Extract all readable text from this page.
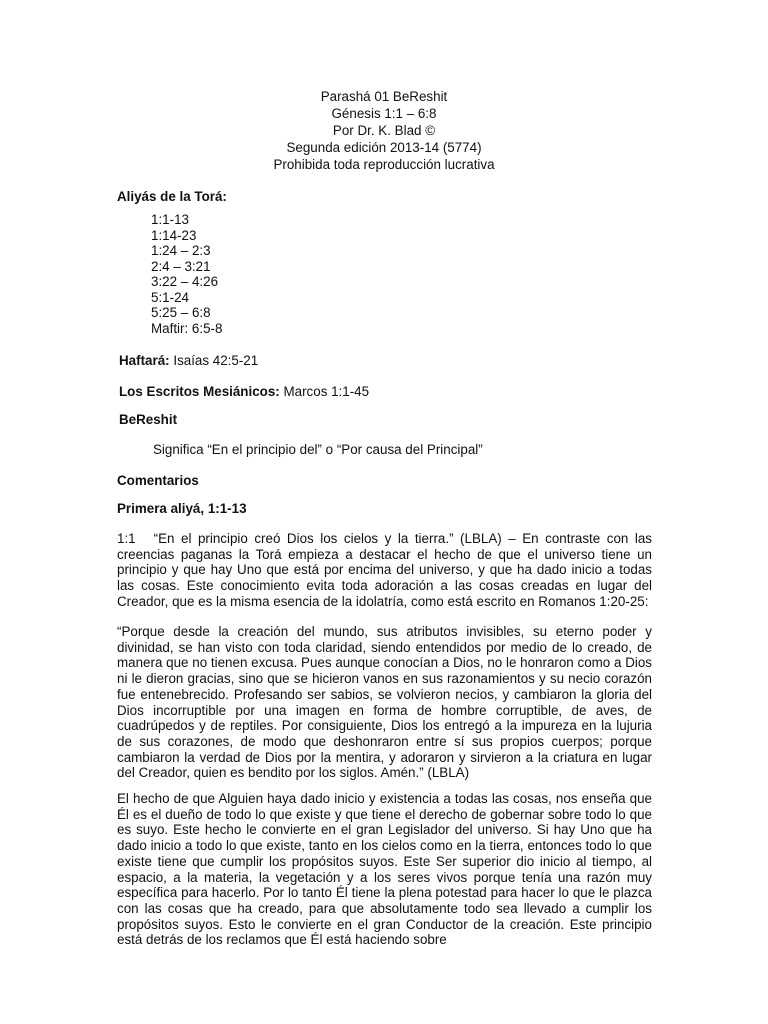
Parashá 01 BeReshit
Génesis 1:1 – 6:8
Por Dr. K. Blad ©
Segunda edición 2013-14 (5774)
Prohibida toda reproducción lucrativa
Aliyás de la Torá:
1:1-13
1:14-23
1:24 – 2:3
2:4 – 3:21
3:22 – 4:26
5:1-24
5:25 – 6:8
Maftir: 6:5-8
Haftará: Isaías 42:5-21
Los Escritos Mesiánicos: Marcos 1:1-45
BeReshit
Significa “En el principio del” o “Por causa del Principal”
Comentarios
Primera aliyá, 1:1-13
1:1 “En el principio creó Dios los cielos y la tierra.” (LBLA) – En contraste con las creencias paganas la Torá empieza a destacar el hecho de que el universo tiene un principio y que hay Uno que está por encima del universo, y que ha dado inicio a todas las cosas. Este conocimiento evita toda adoración a las cosas creadas en lugar del Creador, que es la misma esencia de la idolatría, como está escrito en Romanos 1:20-25:
“Porque desde la creación del mundo, sus atributos invisibles, su eterno poder y divinidad, se han visto con toda claridad, siendo entendidos por medio de lo creado, de manera que no tienen excusa. Pues aunque conocían a Dios, no le honraron como a Dios ni le dieron gracias, sino que se hicieron vanos en sus razonamientos y su necio corazón fue entenebrecido. Profesando ser sabios, se volvieron necios, y cambiaron la gloria del Dios incorruptible por una imagen en forma de hombre corruptible, de aves, de cuadrúpedos y de reptiles. Por consiguiente, Dios los entregó a la impureza en la lujuria de sus corazones, de modo que deshonraron entre sí sus propios cuerpos; porque cambiaron la verdad de Dios por la mentira, y adoraron y sirvieron a la criatura en lugar del Creador, quien es bendito por los siglos. Amén.” (LBLA)
El hecho de que Alguien haya dado inicio y existencia a todas las cosas, nos enseña que Él es el dueño de todo lo que existe y que tiene el derecho de gobernar sobre todo lo que es suyo. Este hecho le convierte en el gran Legislador del universo. Si hay Uno que ha dado inicio a todo lo que existe, tanto en los cielos como en la tierra, entonces todo lo que existe tiene que cumplir los propósitos suyos. Este Ser superior dio inicio al tiempo, al espacio, a la materia, la vegetación y a los seres vivos porque tenía una razón muy específica para hacerlo. Por lo tanto Él tiene la plena potestad para hacer lo que le plazca con las cosas que ha creado, para que absolutamente todo sea llevado a cumplir los propósitos suyos. Esto le convierte en el gran Conductor de la creación. Este principio está detrás de los reclamos que Él está haciendo sobre
